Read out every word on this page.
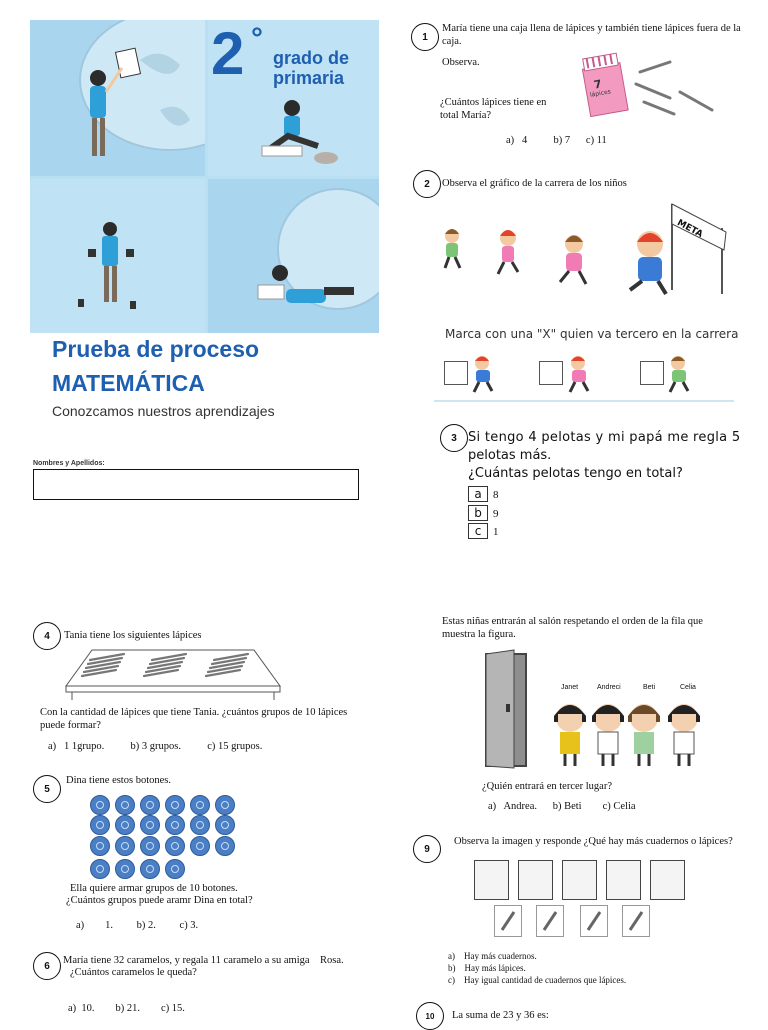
2 °
grado de
primaria
Prueba de proceso
MATEMÁTICA
Conozcamos nuestros aprendizajes
Nombres y Apellidos:
1
María tiene una caja llena de lápices y también tiene lápices fuera de la caja.
Observa.
7
lápices
¿Cuántos lápices tiene en total María?
a)   4          b) 7      c) 11
2	Observa el gráfico de la carrera de los niños
META
Marca con una "X" quien va tercero en la carrera
3 Si tengo 4 pelotas y mi papá me regla 5
pelotas más.
¿Cuántas pelotas tengo en total?
a 8
b 9
c 1
4	Tania tiene los siguientes lápices
Con la cantidad de lápices que tiene Tania. ¿cuántos grupos de 10 lápices puede formar?
a)   1 1grupo.          b) 3 grupos.          c) 15 grupos.
5
Dina tiene estos botones.
Ella quiere armar grupos de 10 botones.
¿Cuántos grupos puede aramr Dina en total?
a)        1.         b) 2.         c) 3.
6	María tiene 32 caramelos, y regala 11 caramelo a su amiga    Rosa.
¿Cuántos caramelos le queda?
a)  10.        b) 21.        c) 15.
Estas niñas entrarán al salón respetando el orden de la fila que muestra la figura.
Janet	Andreci	Beti	Celia
¿Quién entrará en tercer lugar?
a)   Andrea.      b) Beti        c) Celia
9
Observa la imagen y responde ¿Qué hay más cuadernos o lápices?
a)    Hay más cuadernos.
b)    Hay más lápices.
c)    Hay igual cantidad de cuadernos que lápices.
10	La suma de 23 y 36 es:
